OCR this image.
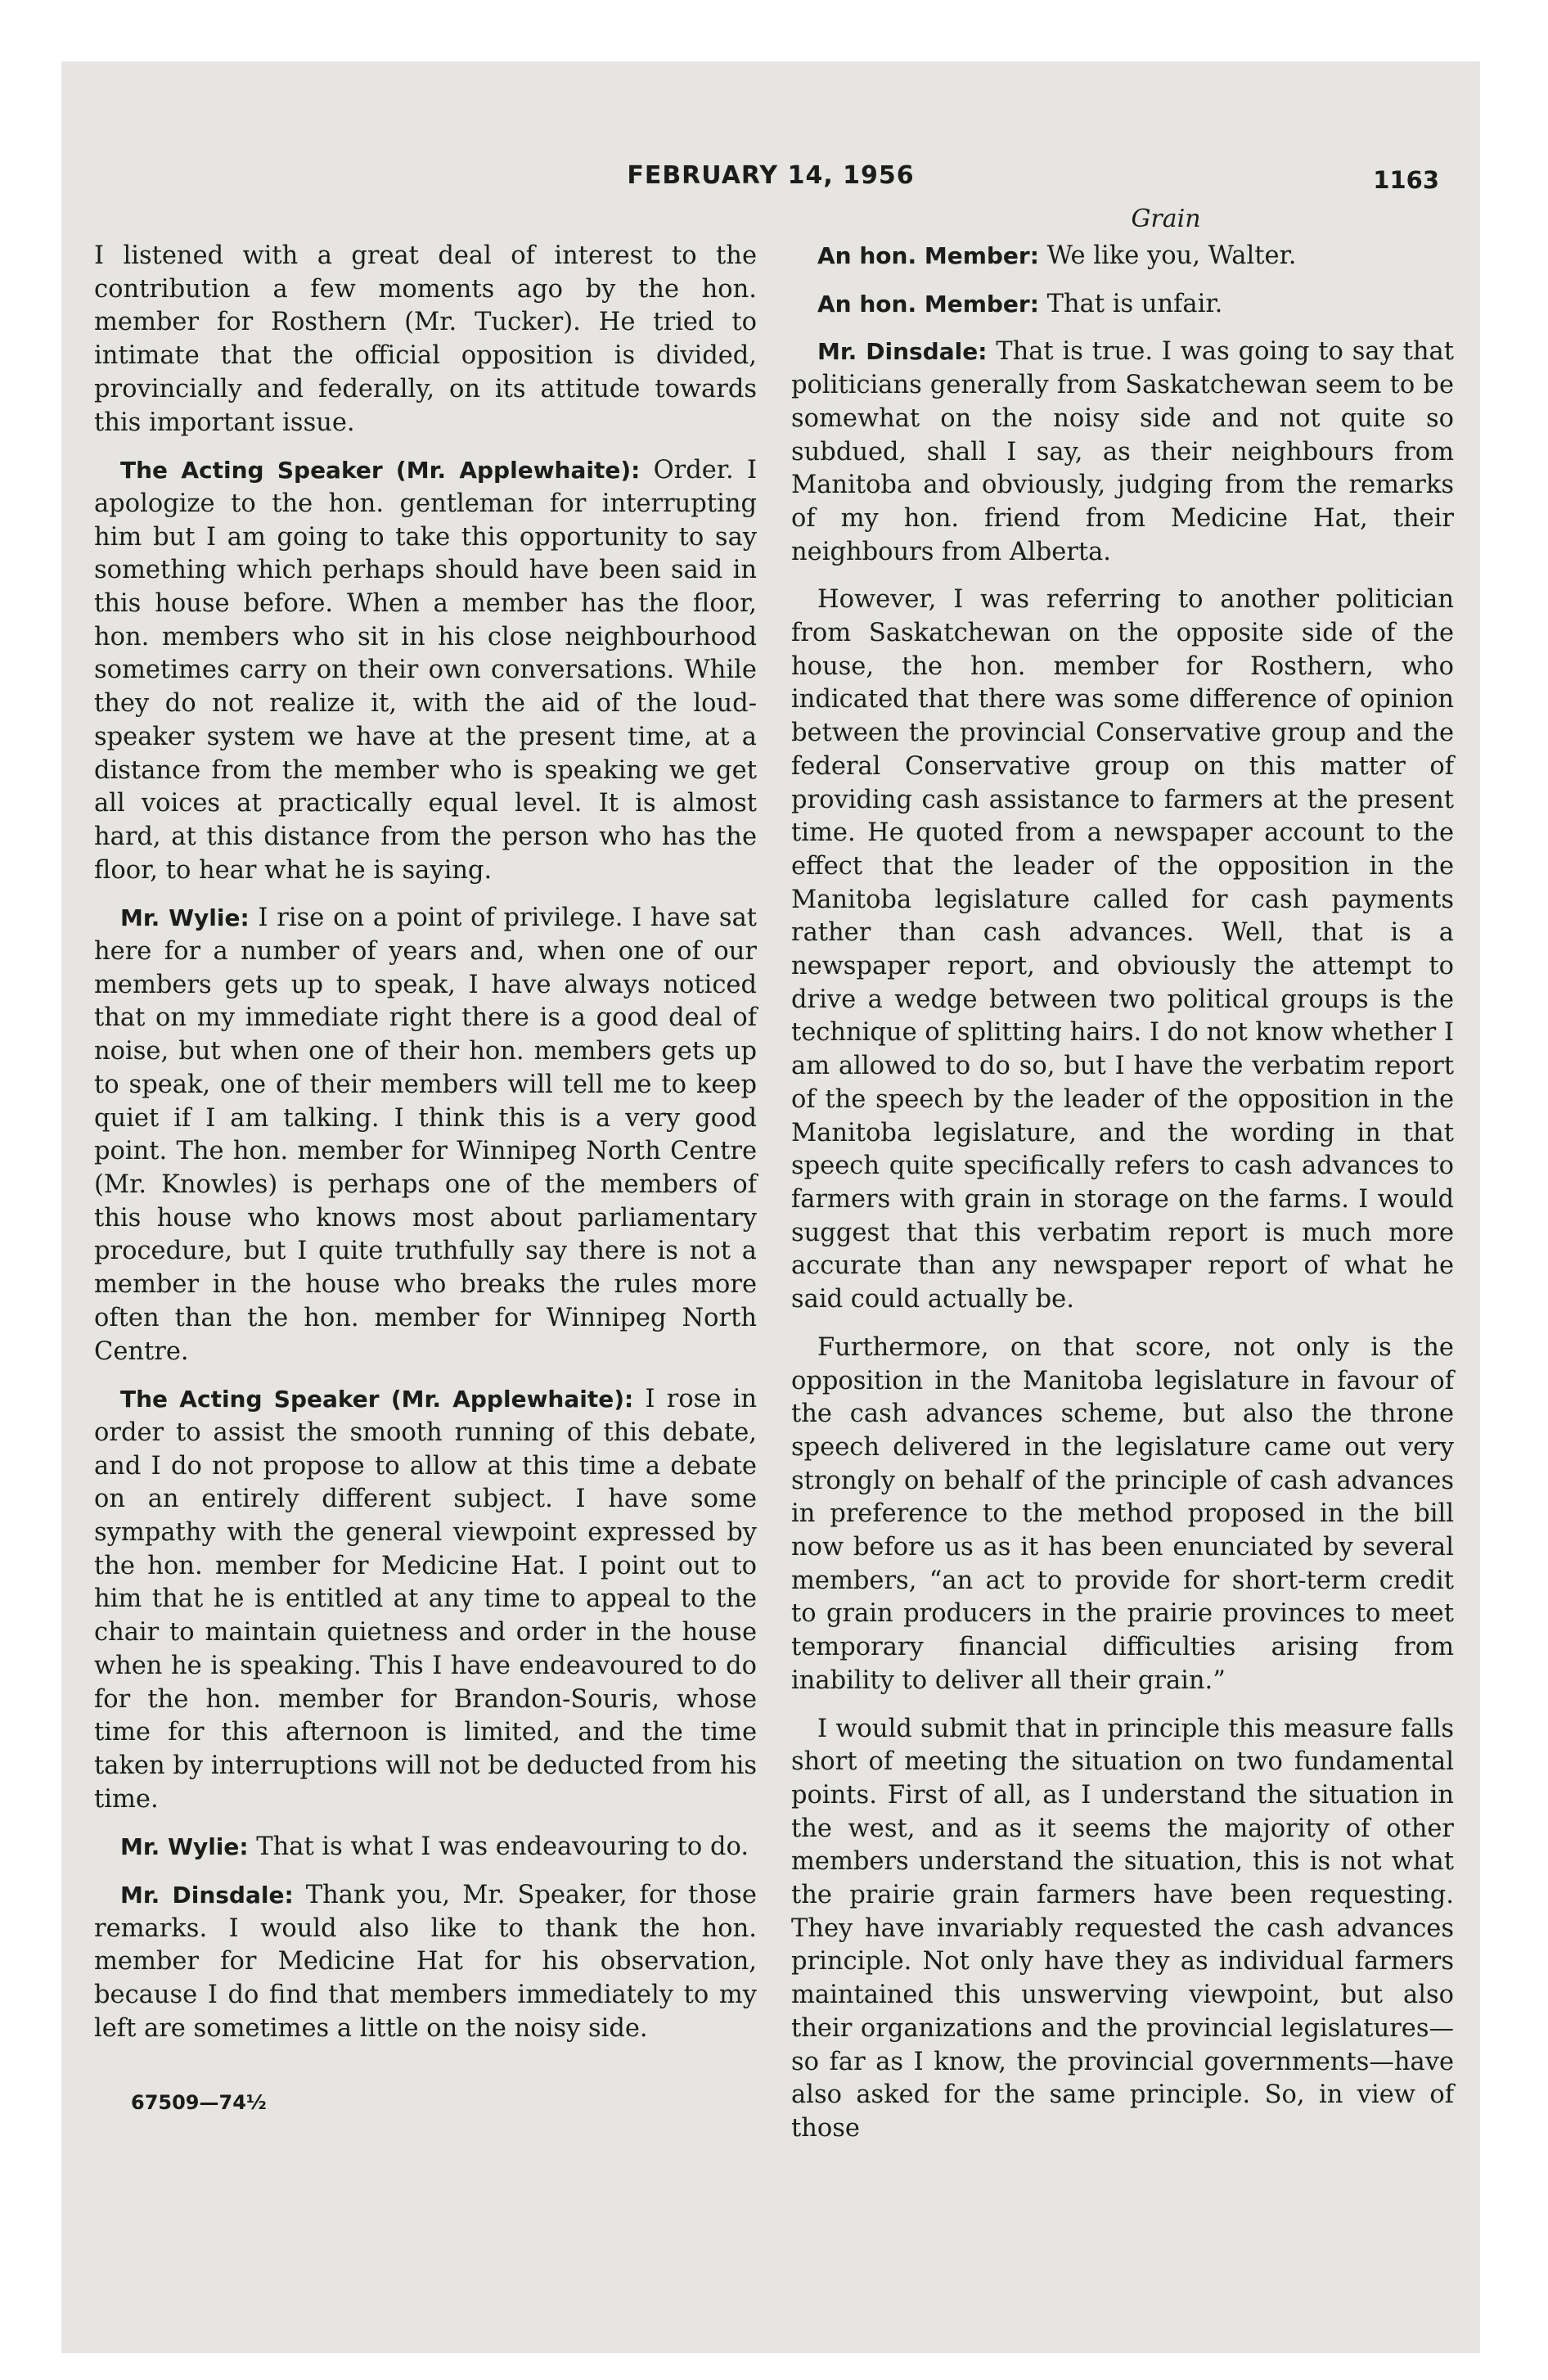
FEBRUARY 14, 1956	1163
Grain

I listened with a great deal of interest to the contribution a few moments ago by the hon. member for Rosthern (Mr. Tucker). He tried to intimate that the official opposition is divided, provincially and federally, on its attitude towards this important issue.

The Acting Speaker (Mr. Applewhaite): Order. I apologize to the hon. gentleman for interrupting him but I am going to take this opportunity to say something which perhaps should have been said in this house before. When a member has the floor, hon. members who sit in his close neighbourhood sometimes carry on their own conversations. While they do not realize it, with the aid of the loud-speaker system we have at the present time, at a distance from the member who is speaking we get all voices at practically equal level. It is almost hard, at this distance from the person who has the floor, to hear what he is saying.

Mr. Wylie: I rise on a point of privilege. I have sat here for a number of years and, when one of our members gets up to speak, I have always noticed that on my immediate right there is a good deal of noise, but when one of their hon. members gets up to speak, one of their members will tell me to keep quiet if I am talking. I think this is a very good point. The hon. member for Winnipeg North Centre (Mr. Knowles) is perhaps one of the members of this house who knows most about parliamentary procedure, but I quite truthfully say there is not a member in the house who breaks the rules more often than the hon. member for Winnipeg North Centre.

The Acting Speaker (Mr. Applewhaite): I rose in order to assist the smooth running of this debate, and I do not propose to allow at this time a debate on an entirely different subject. I have some sympathy with the general viewpoint expressed by the hon. member for Medicine Hat. I point out to him that he is entitled at any time to appeal to the chair to maintain quietness and order in the house when he is speaking. This I have endeavoured to do for the hon. member for Brandon-Souris, whose time for this afternoon is limited, and the time taken by interruptions will not be deducted from his time.

Mr. Wylie: That is what I was endeavouring to do.

Mr. Dinsdale: Thank you, Mr. Speaker, for those remarks. I would also like to thank the hon. member for Medicine Hat for his observation, because I do find that members immediately to my left are sometimes a little on the noisy side.

An hon. Member: We like you, Walter.

An hon. Member: That is unfair.

Mr. Dinsdale: That is true. I was going to say that politicians generally from Saskatchewan seem to be somewhat on the noisy side and not quite so subdued, shall I say, as their neighbours from Manitoba and obviously, judging from the remarks of my hon. friend from Medicine Hat, their neighbours from Alberta.

However, I was referring to another politician from Saskatchewan on the opposite side of the house, the hon. member for Rosthern, who indicated that there was some difference of opinion between the provincial Conservative group and the federal Conservative group on this matter of providing cash assistance to farmers at the present time. He quoted from a newspaper account to the effect that the leader of the opposition in the Manitoba legislature called for cash payments rather than cash advances. Well, that is a newspaper report, and obviously the attempt to drive a wedge between two political groups is the technique of splitting hairs. I do not know whether I am allowed to do so, but I have the verbatim report of the speech by the leader of the opposition in the Manitoba legislature, and the wording in that speech quite specifically refers to cash advances to farmers with grain in storage on the farms. I would suggest that this verbatim report is much more accurate than any newspaper report of what he said could actually be.

Furthermore, on that score, not only is the opposition in the Manitoba legislature in favour of the cash advances scheme, but also the throne speech delivered in the legislature came out very strongly on behalf of the principle of cash advances in preference to the method proposed in the bill now before us as it has been enunciated by several members, “an act to provide for short-term credit to grain producers in the prairie provinces to meet temporary financial difficulties arising from inability to deliver all their grain.”

I would submit that in principle this measure falls short of meeting the situation on two fundamental points. First of all, as I understand the situation in the west, and as it seems the majority of other members understand the situation, this is not what the prairie grain farmers have been requesting. They have invariably requested the cash advances principle. Not only have they as individual farmers maintained this unswerving viewpoint, but also their organizations and the provincial legislatures—so far as I know, the provincial governments—have also asked for the same principle. So, in view of those

67509—74½
